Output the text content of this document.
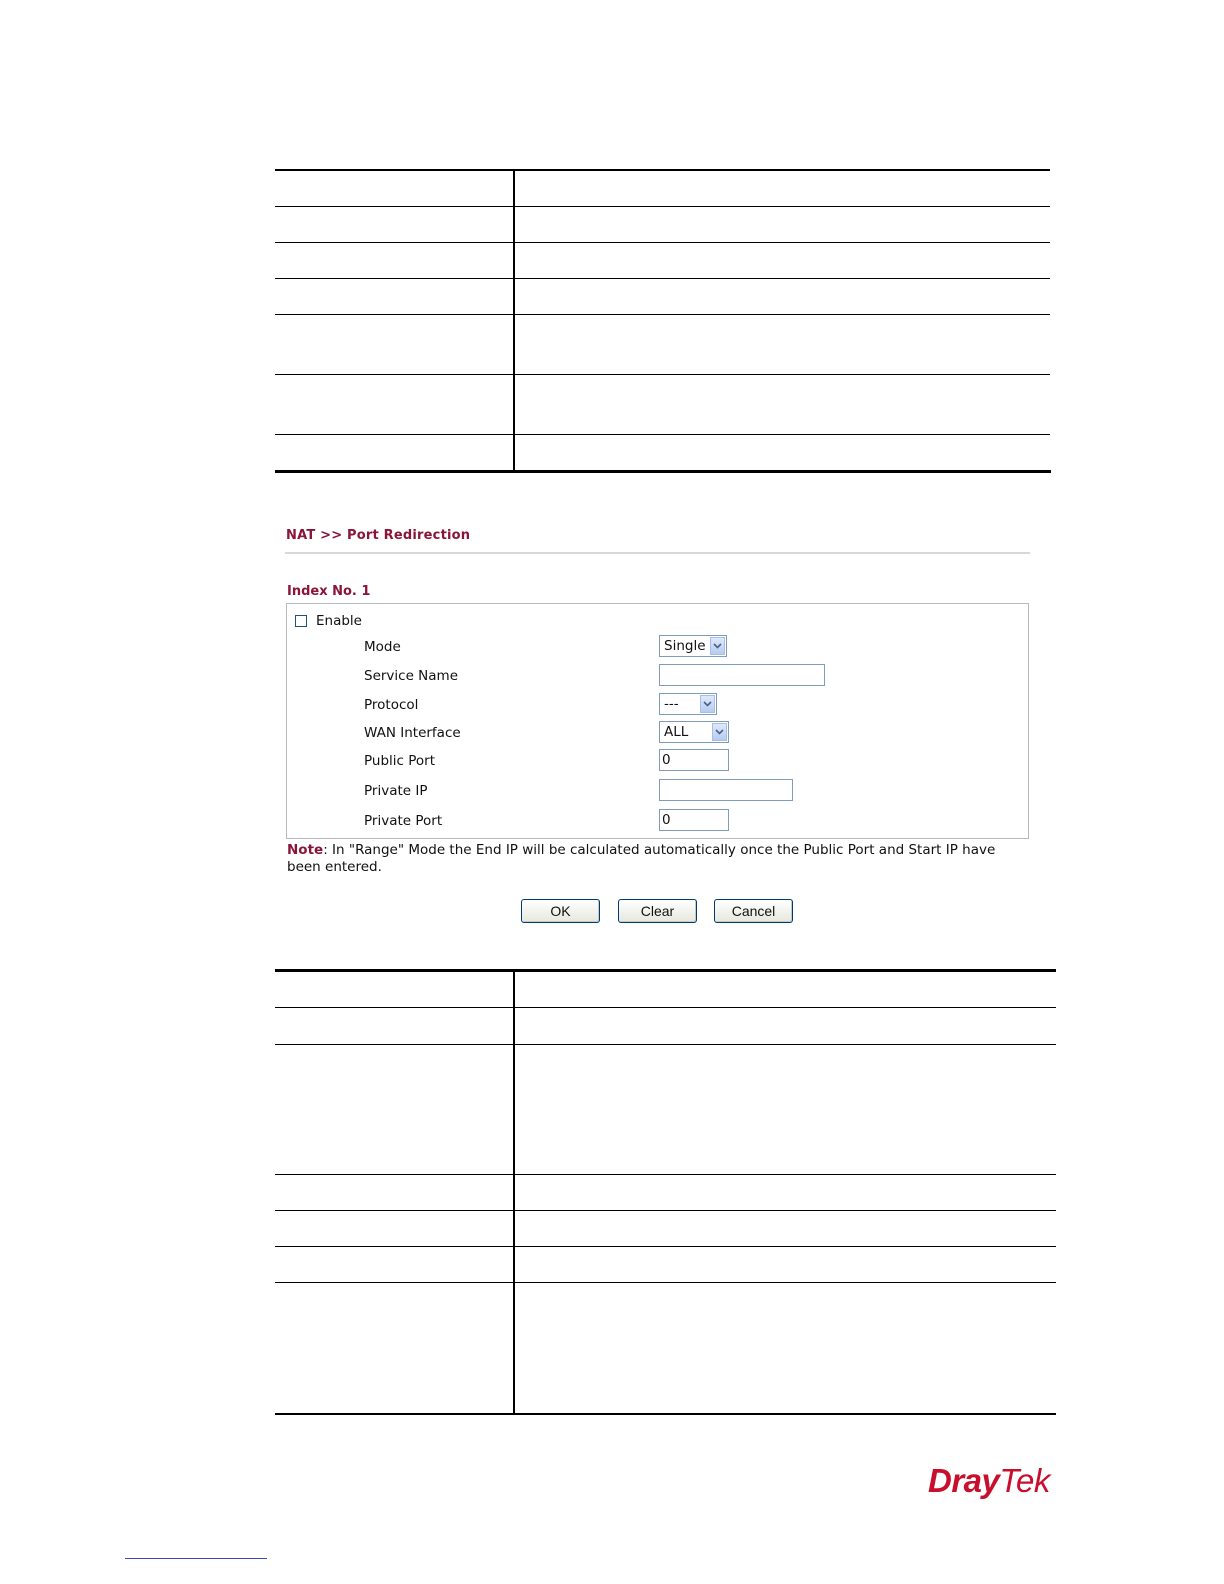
NAT >> Port Redirection
Index No. 1
Enable
Mode	Single
Service Name
Protocol	---
WAN Interface	ALL
Public Port	0
Private IP
Private Port	0
Note: In "Range" Mode the End IP will be calculated automatically once the Public Port and Start IP have been entered.
OK	Clear	Cancel
DrayTek
